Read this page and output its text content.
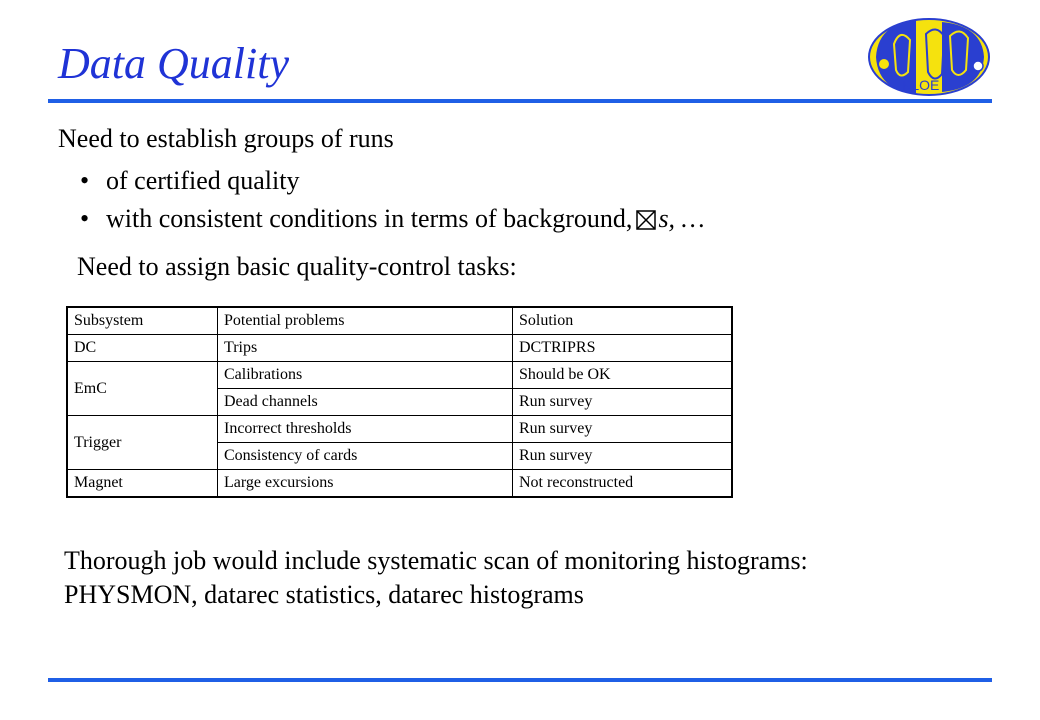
Data Quality	KLOE
Need to establish groups of runs
• of certified quality
• with consistent conditions in terms of background, s, …
Need to assign basic quality-control tasks:
Subsystem	Potential problems	Solution
DC	Trips	DCTRIPRS
EmC	Calibrations	Should be OK
	Dead channels	Run survey
Trigger	Incorrect thresholds	Run survey
	Consistency of cards	Run survey
Magnet	Large excursions	Not reconstructed
Thorough job would include systematic scan of monitoring histograms:
PHYSMON, datarec statistics, datarec histograms
